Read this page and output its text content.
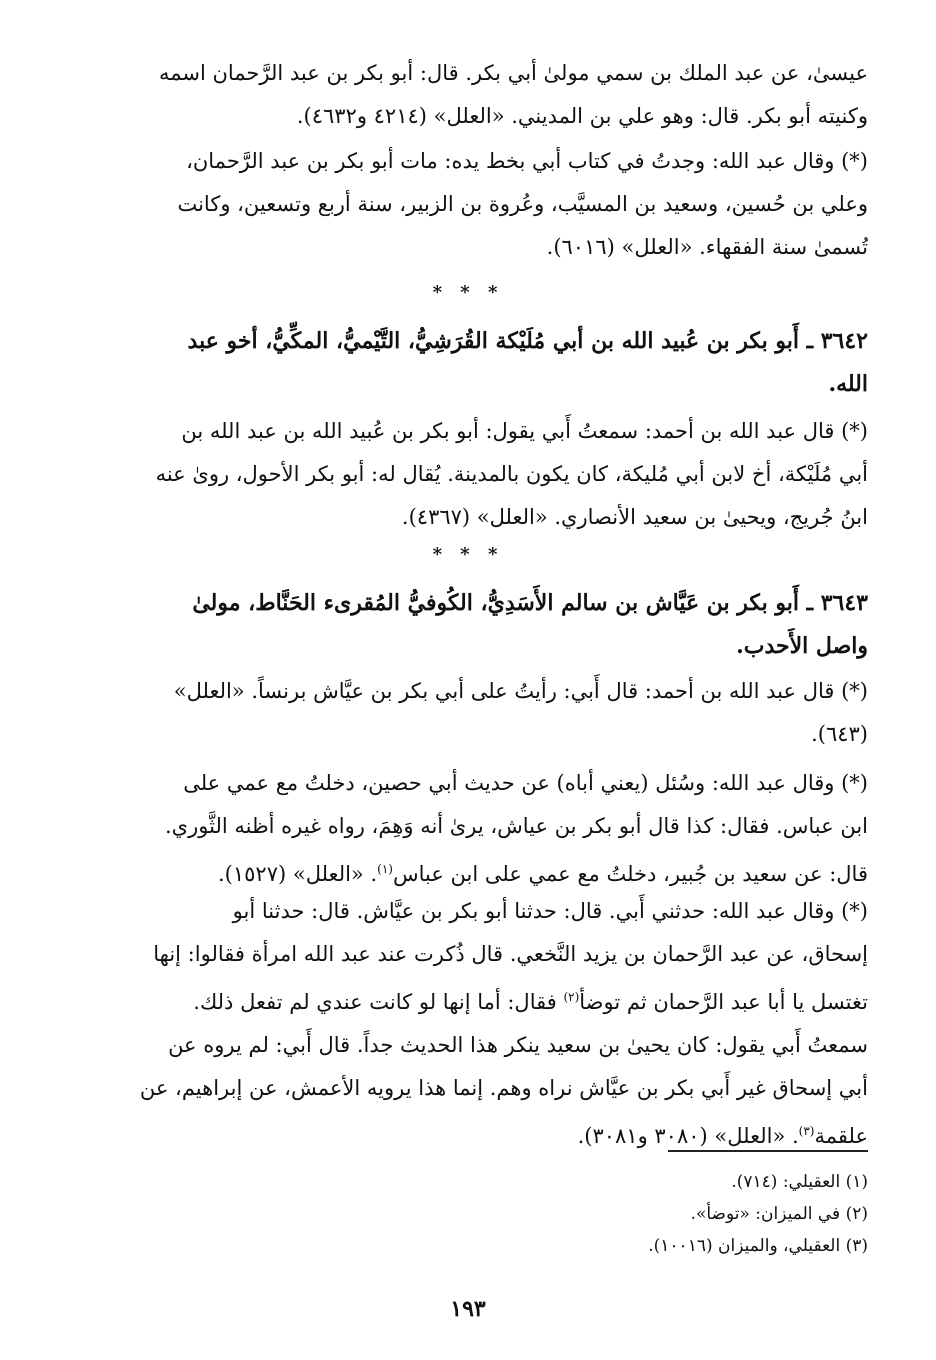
عيسىٰ، عن عبد الملك بن سمي مولىٰ أبي بكر. قال: أبو بكر بن عبد الرَّحمان اسمه
وكنيته أبو بكر. قال: وهو علي بن المديني. «العلل» (٤٢١٤ و٤٦٣٢).
(*) وقال عبد الله: وجدتُ في كتاب أبي بخط يده: مات أبو بكر بن عبد الرَّحمان،
وعلي بن حُسين، وسعيد بن المسيَّب، وعُروة بن الزبير، سنة أربع وتسعين، وكانت
تُسمىٰ سنة الفقهاء. «العلل» (٦٠١٦).
* * *
٣٦٤٢ ـ أَبو بكر بن عُبيد الله بن أبي مُلَيْكة القُرَشِيُّ، التَّيْميُّ، المكِّيُّ، أخو عبد
الله.
(*) قال عبد الله بن أحمد: سمعتُ أَبي يقول: أبو بكر بن عُبيد الله بن عبد الله بن
أبي مُلَيْكة، أخ لابن أبي مُليكة، كان يكون بالمدينة. يُقال له: أبو بكر الأحول، روىٰ عنه
ابنُ جُريج، ويحيىٰ بن سعيد الأنصاري. «العلل» (٤٣٦٧).
* * *
٣٦٤٣ ـ أَبو بكر بن عَيَّاش بن سالم الأَسَدِيُّ، الكُوفيُّ المُقرىء الحَنَّاط، مولىٰ
واصل الأَحدب.
(*) قال عبد الله بن أحمد: قال أَبي: رأيتُ على أبي بكر بن عيَّاش برنساً. «العلل»
(٦٤٣).
(*) وقال عبد الله: وسُئل (يعني أباه) عن حديث أبي حصين، دخلتُ مع عمي على
ابن عباس. فقال: كذا قال أبو بكر بن عياش، يرىٰ أنه وَهِمَ، رواه غيره أظنه الثَّوري.
قال: عن سعيد بن جُبير، دخلتُ مع عمي على ابن عباس$^{(١)}$. «العلل» (١٥٢٧).
(*) وقال عبد الله: حدثني أَبي. قال: حدثنا أبو بكر بن عيَّاش. قال: حدثنا أبو
إسحاق، عن عبد الرَّحمان بن يزيد النَّخعي. قال ذُكرت عند عبد الله امرأة فقالوا: إنها
تغتسل يا أبا عبد الرَّحمان ثم توضأ$^{(٢)}$ فقال: أما إنها لو كانت عندي لم تفعل ذلك.
سمعتُ أَبي يقول: كان يحيىٰ بن سعيد ينكر هذا الحديث جداً. قال أَبي: لم يروه عن
أبي إسحاق غير أَبي بكر بن عيَّاش نراه وهم. إنما هذا يرويه الأعمش، عن إبراهيم، عن
علقمة$^{(٣)}$. «العلل» (٣٠٨٠ و٣٠٨١).
(١) العقيلي: (٧١٤).
(٢) في الميزان: «توضأ».
(٣) العقيلي، والميزان (١٠٠١٦).
١٩٣
